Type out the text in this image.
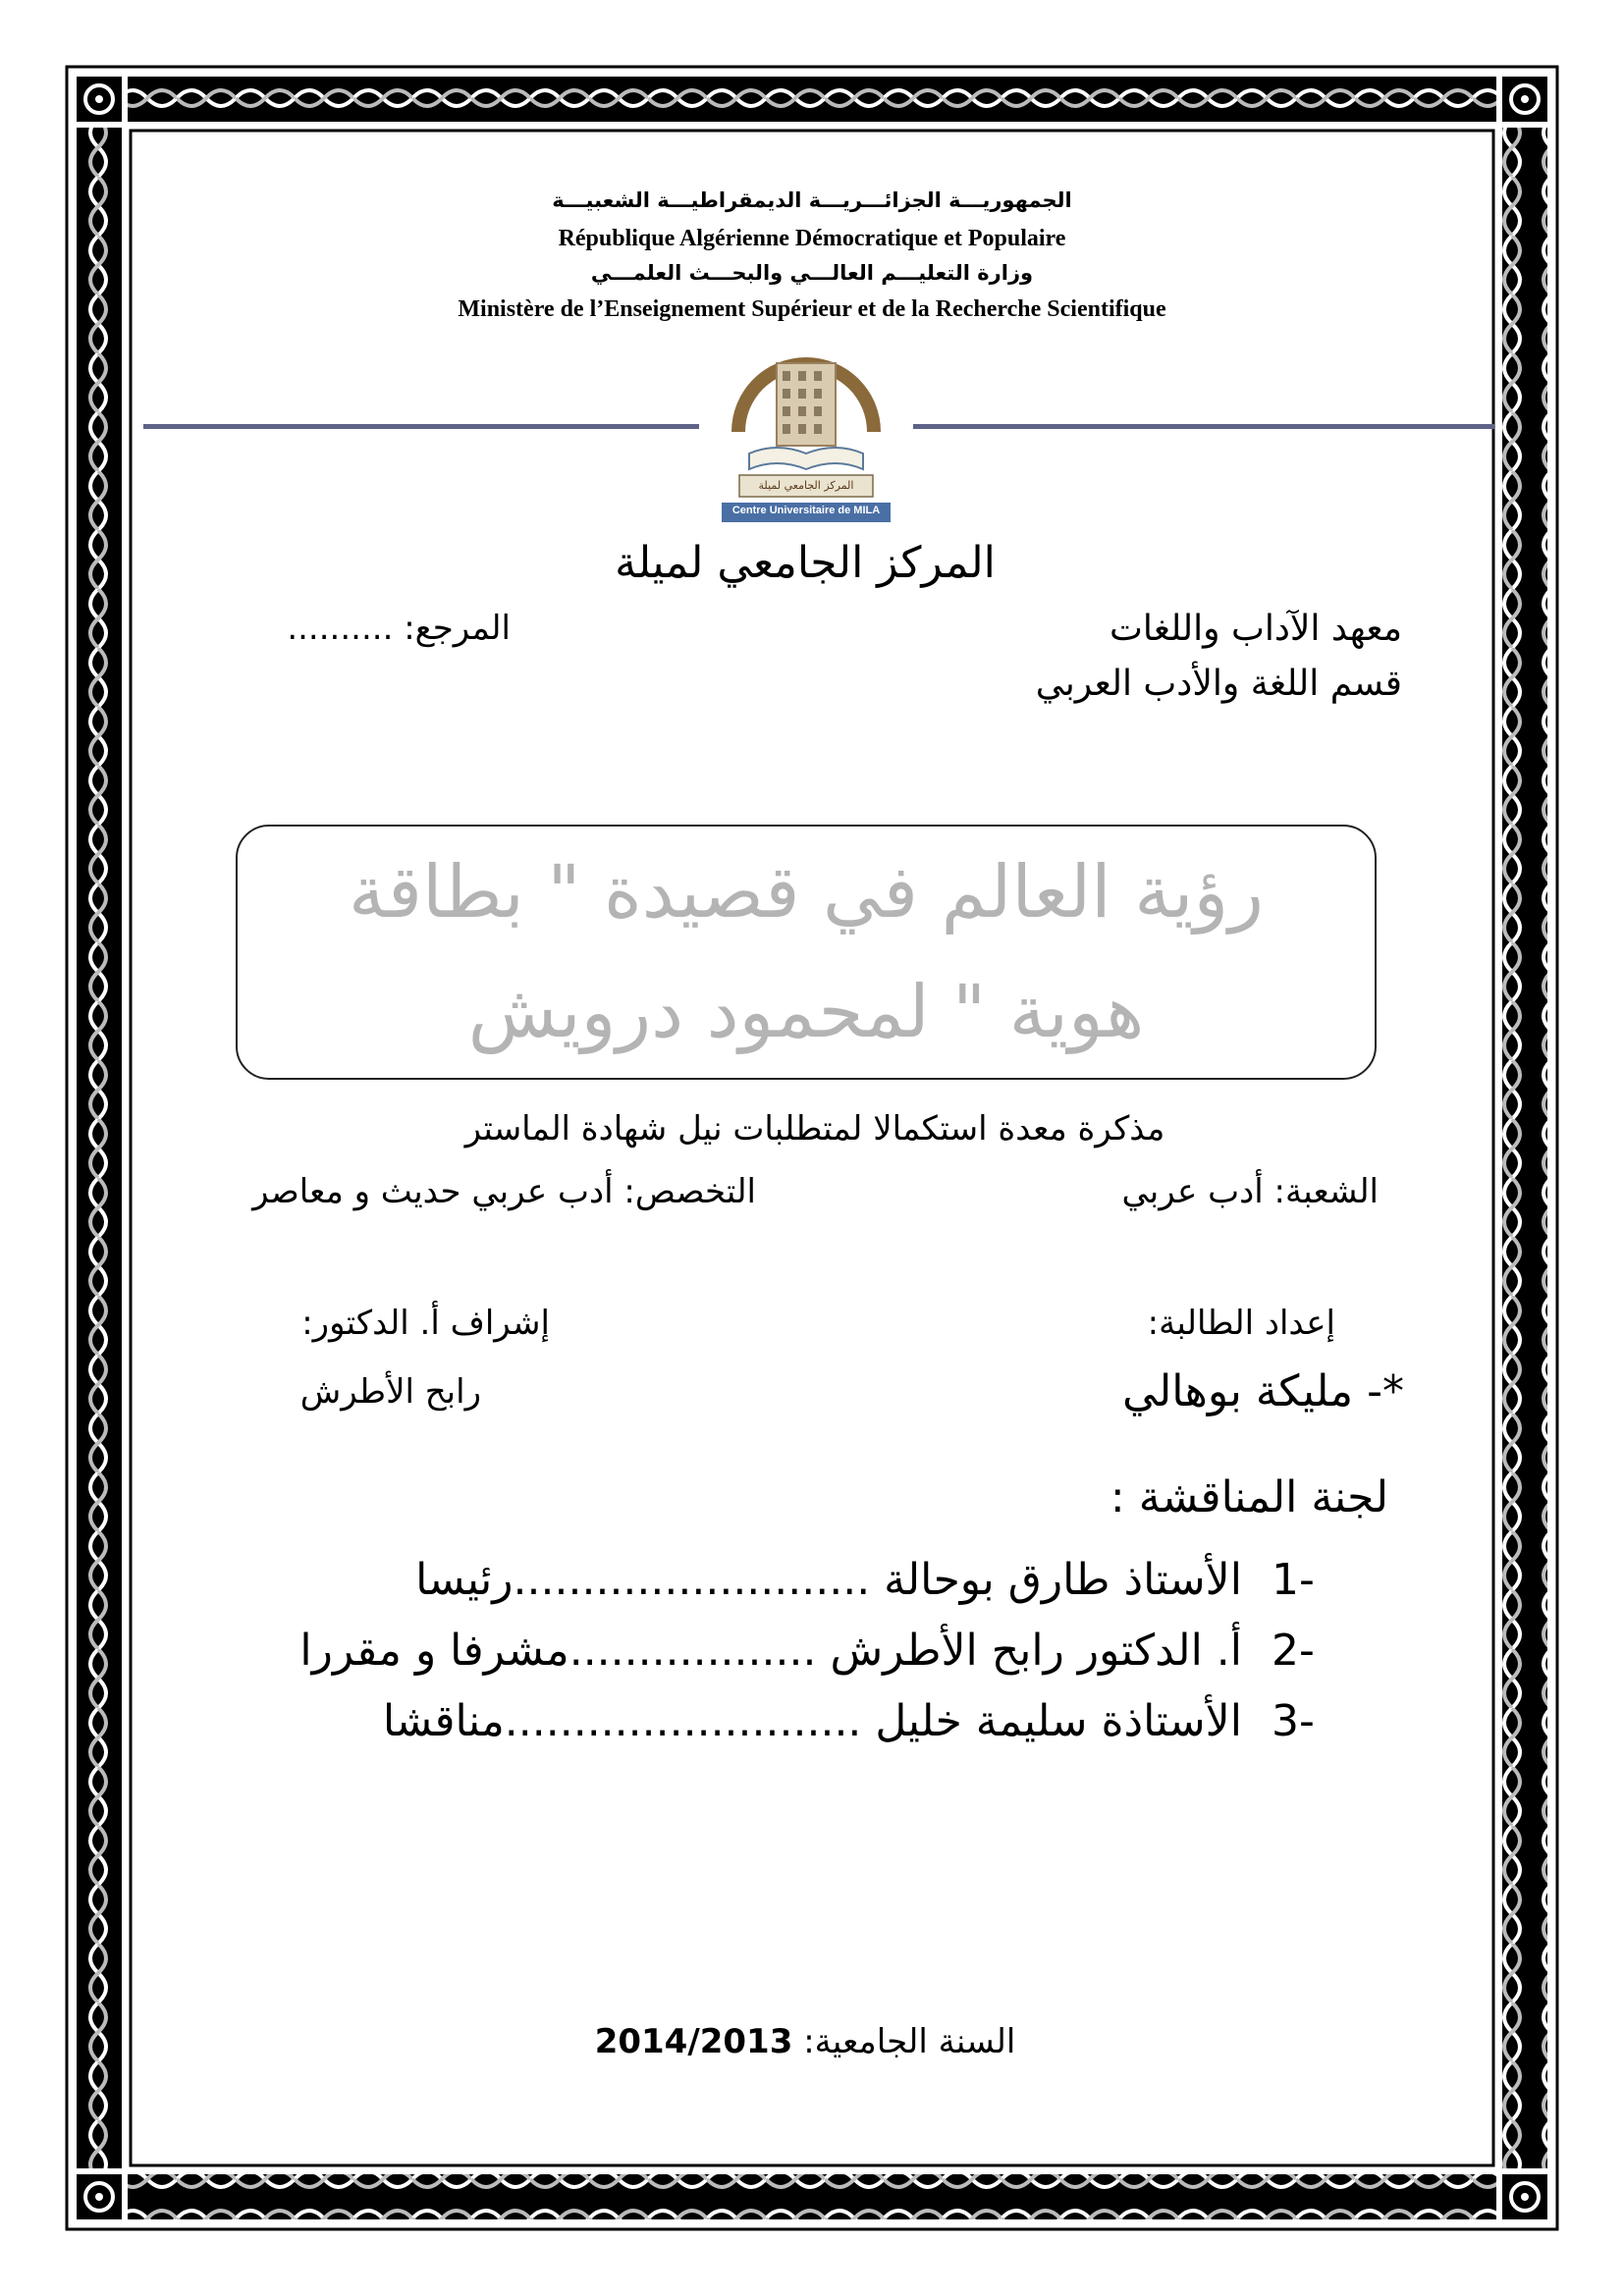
الجمهوريـــة الجزائـــريـــة الديمقراطيـــة الشعبيـــة
République Algérienne Démocratique et Populaire
وزارة التعليـــم العالـــي والبحـــث العلمـــي
Ministère de l’Enseignement Supérieur et de la Recherche Scientifique
المركز الجامعي لميلة
Centre Universitaire de MILA
المركز الجامعي لميلة
معهد الآداب واللغات
قسم اللغة والأدب العربي
المرجع: ..........
رؤية العالم في قصيدة " بطاقة
هوية " لمحمود درويش
مذكرة معدة استكمالا لمتطلبات نيل شهادة الماستر
الشعبة: أدب عربي
التخصص: أدب عربي حديث و معاصر
إعداد الطالبة:
*- مليكة بوهالي
إشراف أ. الدكتور:
رابح الأطرش
لجنة المناقشة :
1-
الأستاذ طارق بوحالة ..........................رئيسا
2-
أ. الدكتور رابح الأطرش ..................مشرفا و مقررا
3-
الأستاذة سليمة خليل ..........................مناقشا
السنة الجامعية: 2014/2013
